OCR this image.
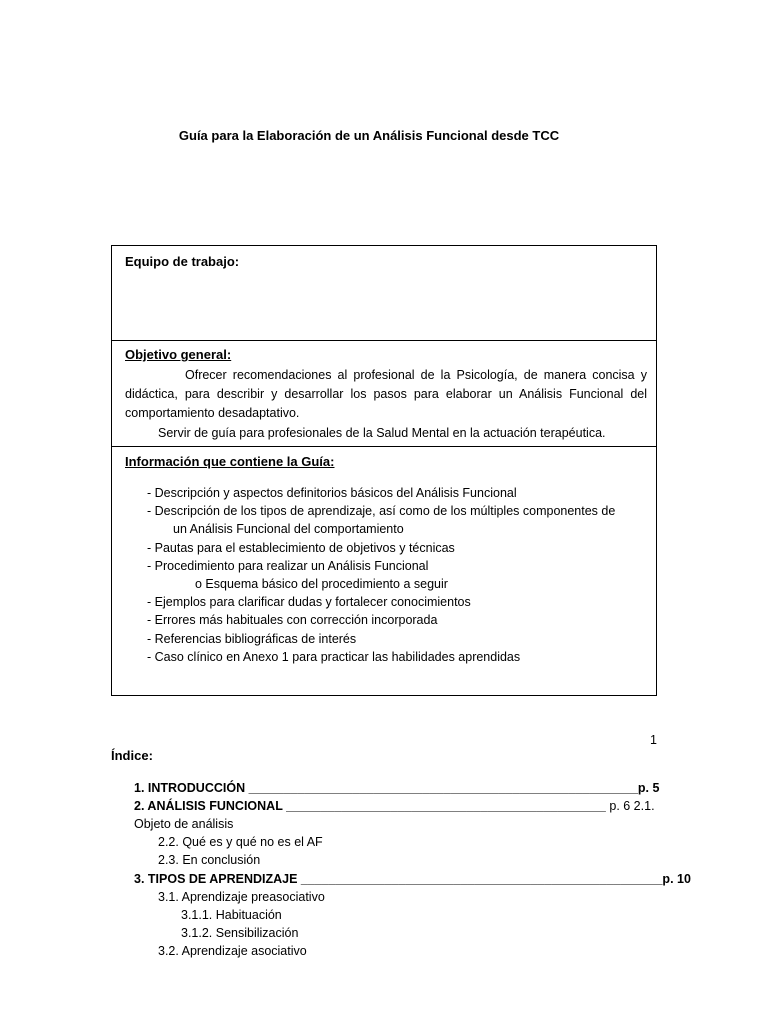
Guía para la Elaboración de un Análisis Funcional desde TCC
Equipo de trabajo:
Objetivo general:
Ofrecer recomendaciones al profesional de la Psicología, de manera concisa y didáctica, para describir y desarrollar los pasos para elaborar un Análisis Funcional del comportamiento desadaptativo.
Servir de guía para profesionales de la Salud Mental en la actuación terapéutica.
Información que contiene la Guía:
- Descripción y aspectos definitorios básicos del Análisis Funcional
- Descripción de los tipos de aprendizaje, así como de los múltiples componentes de
un Análisis Funcional del comportamiento
- Pautas para el establecimiento de objetivos y técnicas
- Procedimiento para realizar un Análisis Funcional
o Esquema básico del procedimiento a seguir
- Ejemplos para clarificar dudas y fortalecer conocimientos
- Errores más habituales con corrección incorporada
- Referencias bibliográficas de interés
- Caso clínico en Anexo 1 para practicar las habilidades aprendidas
1
Índice:
1. INTRODUCCIÓN ________________________________________________________p. 5
2. ANÁLISIS FUNCIONAL ______________________________________________ p. 6 2.1.
Objeto de análisis
2.2. Qué es y qué no es el AF
2.3. En conclusión
3. TIPOS DE APRENDIZAJE ____________________________________________________p. 10
3.1. Aprendizaje preasociativo
3.1.1. Habituación
3.1.2. Sensibilización
3.2. Aprendizaje asociativo
